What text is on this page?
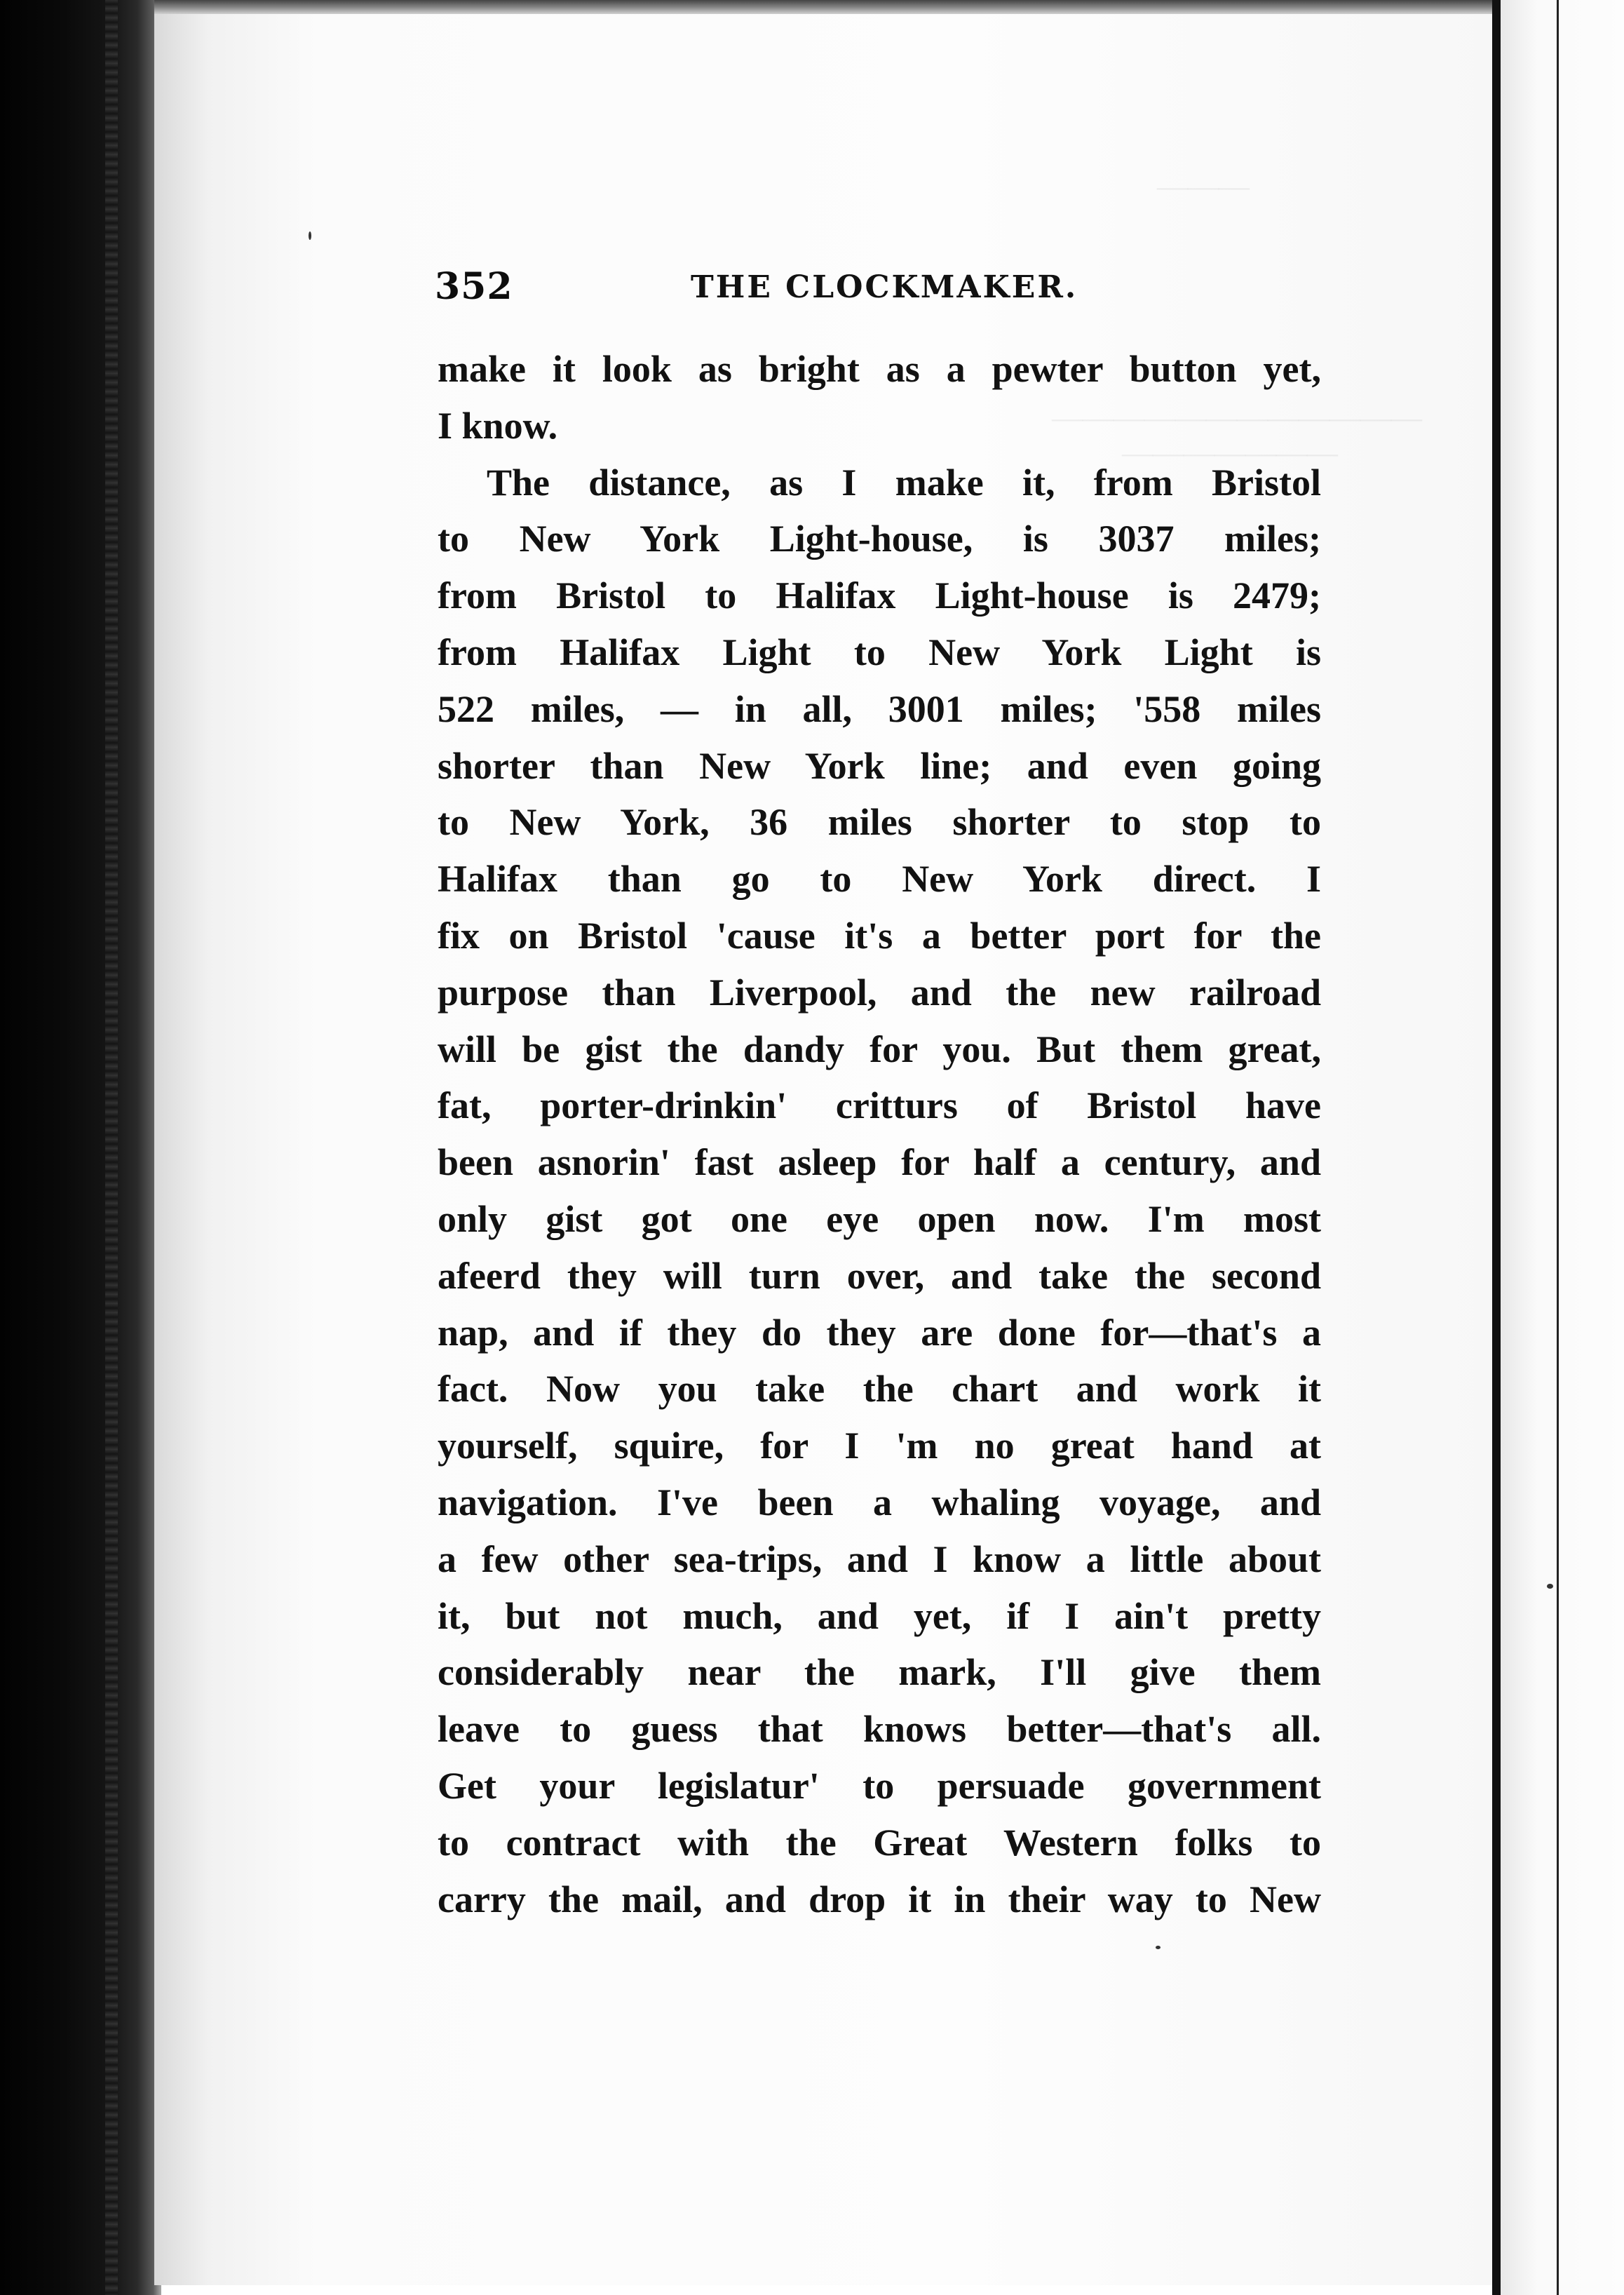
————————————
———————
———
352	THE CLOCKMAKER.
make it look as bright as a pewter button yet,
I know.
The distance, as I make it, from Bristol
to New York Light-house, is 3037 miles;
from Bristol to Halifax Light-house is 2479;
from Halifax Light to New York Light is
522 miles, — in all, 3001 miles; '558 miles
shorter than New York line; and even going
to New York, 36 miles shorter to stop to
Halifax than go to New York direct. I
fix on Bristol 'cause it's a better port for the
purpose than Liverpool, and the new railroad
will be gist the dandy for you. But them great,
fat, porter-drinkin' critturs of Bristol have
been asnorin' fast asleep for half a century, and
only gist got one eye open now. I'm most
afeerd they will turn over, and take the second
nap, and if they do they are done for—that's a
fact. Now you take the chart and work it
yourself, squire, for I 'm no great hand at
navigation. I've been a whaling voyage, and
a few other sea-trips, and I know a little about
it, but not much, and yet, if I ain't pretty
considerably near the mark, I'll give them
leave to guess that knows better—that's all.
Get your legislatur' to persuade government
to contract with the Great Western folks to
carry the mail, and drop it in their way to New
